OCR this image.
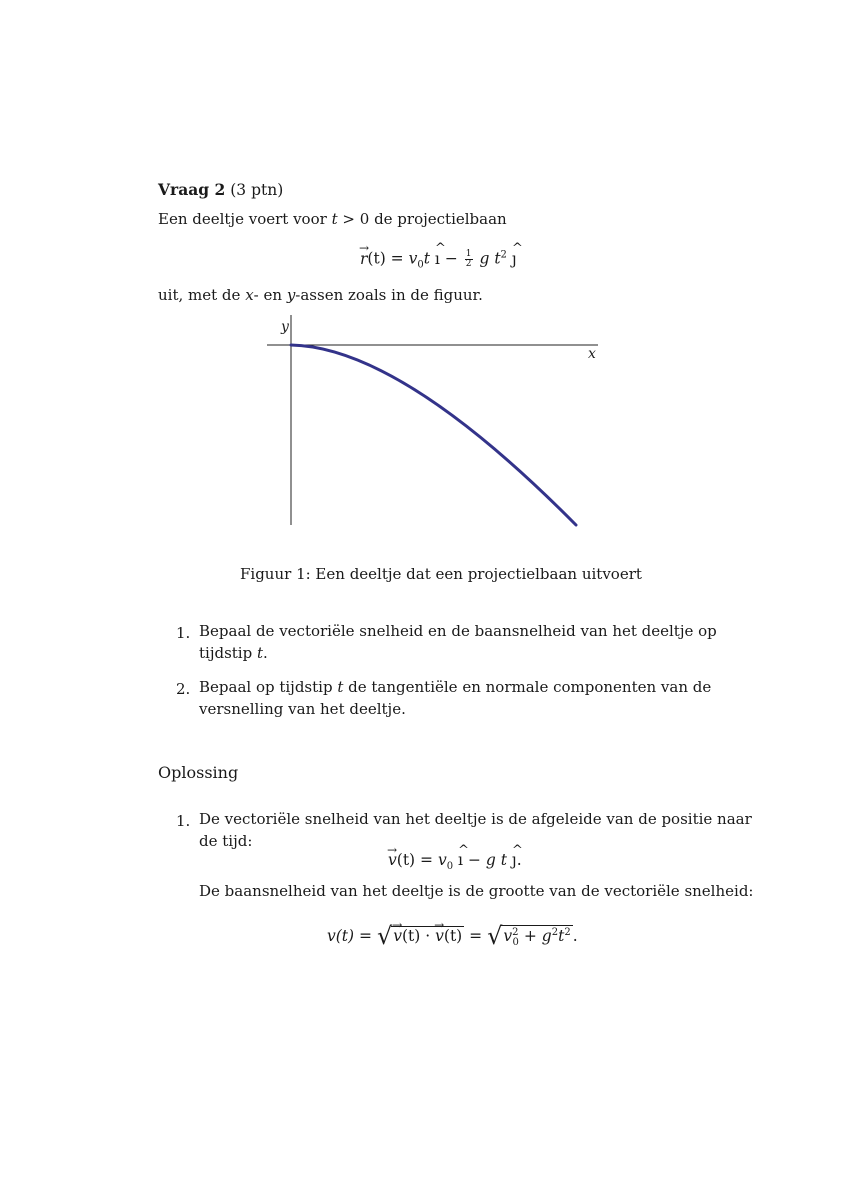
Vraag 2 (3 ptn)
Een deeltje voert voor t > 0 de projectielbaan
→ $r(t) = v_0t$ ^ ı − $\frac{1}{2}$ g $t^2$ ^ ȷ
uit, met de x- en y-assen zoals in de figuur.
y
x
Figuur 1: Een deeltje dat een projectielbaan uitvoert
1. Bepaal de vectoriële snelheid en de baansnelheid van het deeltje op
tijdstip t.
2. Bepaal op tijdstip t de tangentiële en normale componenten van de
versnelling van het deeltje.
Oplossing
1. De vectoriële snelheid van het deeltje is de afgeleide van de positie naar
de tijd:
→ $v(t) = v_0$ ^ ı − g t ^ ȷ.
De baansnelheid van het deeltje is de grootte van de vectoriële snelheid:
v(t) = √→ v(t) · → $v(t) = √v^2_0 + g^2t^2$ .
